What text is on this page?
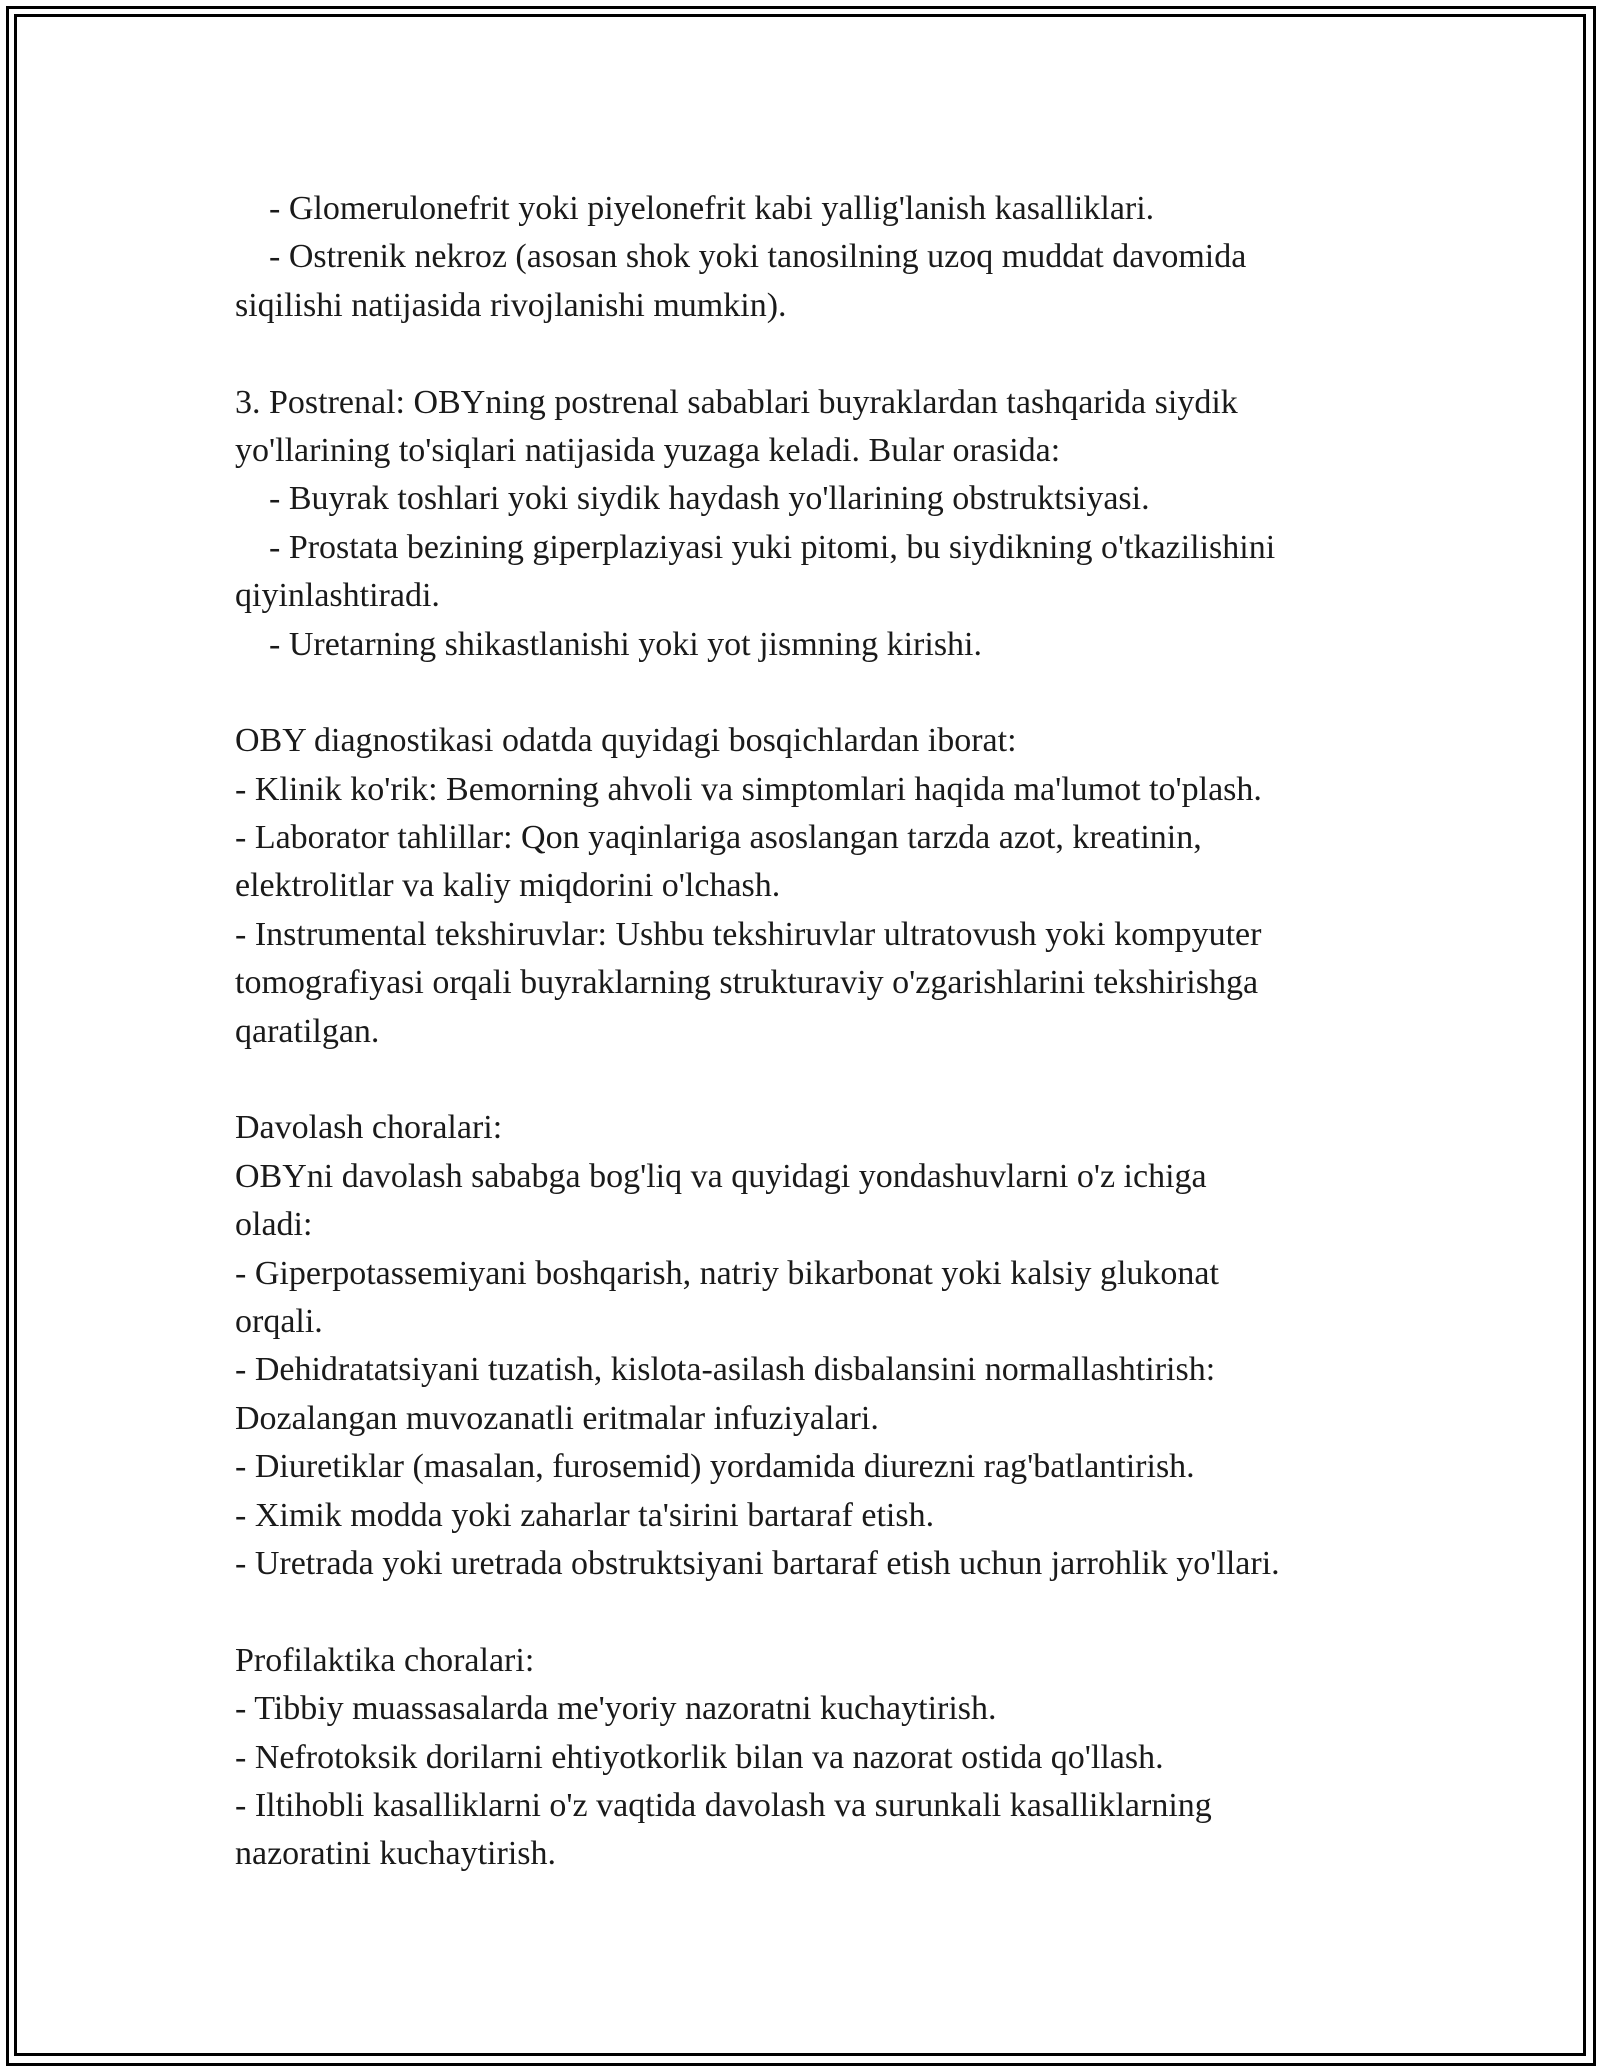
- Glomerulonefrit yoki piyelonefrit kabi yallig'lanish kasalliklari.
- Ostrenik nekroz (asosan shok yoki tanosilning uzoq muddat davomida
siqilishi natijasida rivojlanishi mumkin).
3. Postrenal: OBYning postrenal sabablari buyraklardan tashqarida siydik
yo'llarining to'siqlari natijasida yuzaga keladi. Bular orasida:
- Buyrak toshlari yoki siydik haydash yo'llarining obstruktsiyasi.
- Prostata bezining giperplaziyasi yuki pitomi, bu siydikning o'tkazilishini
qiyinlashtiradi.
- Uretarning shikastlanishi yoki yot jismning kirishi.
OBY diagnostikasi odatda quyidagi bosqichlardan iborat:
- Klinik ko'rik: Bemorning ahvoli va simptomlari haqida ma'lumot to'plash.
- Laborator tahlillar: Qon yaqinlariga asoslangan tarzda azot, kreatinin,
elektrolitlar va kaliy miqdorini o'lchash.
- Instrumental tekshiruvlar: Ushbu tekshiruvlar ultratovush yoki kompyuter
tomografiyasi orqali buyraklarning strukturaviy o'zgarishlarini tekshirishga
qaratilgan.
Davolash choralari:
OBYni davolash sababga bog'liq va quyidagi yondashuvlarni o'z ichiga
oladi:
- Giperpotassemiyani boshqarish, natriy bikarbonat yoki kalsiy glukonat
orqali.
- Dehidratatsiyani tuzatish, kislota-asilash disbalansini normallashtirish:
Dozalangan muvozanatli eritmalar infuziyalari.
- Diuretiklar (masalan, furosemid) yordamida diurezni rag'batlantirish.
- Ximik modda yoki zaharlar ta'sirini bartaraf etish.
- Uretrada yoki uretrada obstruktsiyani bartaraf etish uchun jarrohlik yo'llari.
Profilaktika choralari:
- Tibbiy muassasalarda me'yoriy nazoratni kuchaytirish.
- Nefrotoksik dorilarni ehtiyotkorlik bilan va nazorat ostida qo'llash.
- Iltihobli kasalliklarni o'z vaqtida davolash va surunkali kasalliklarning
nazoratini kuchaytirish.
